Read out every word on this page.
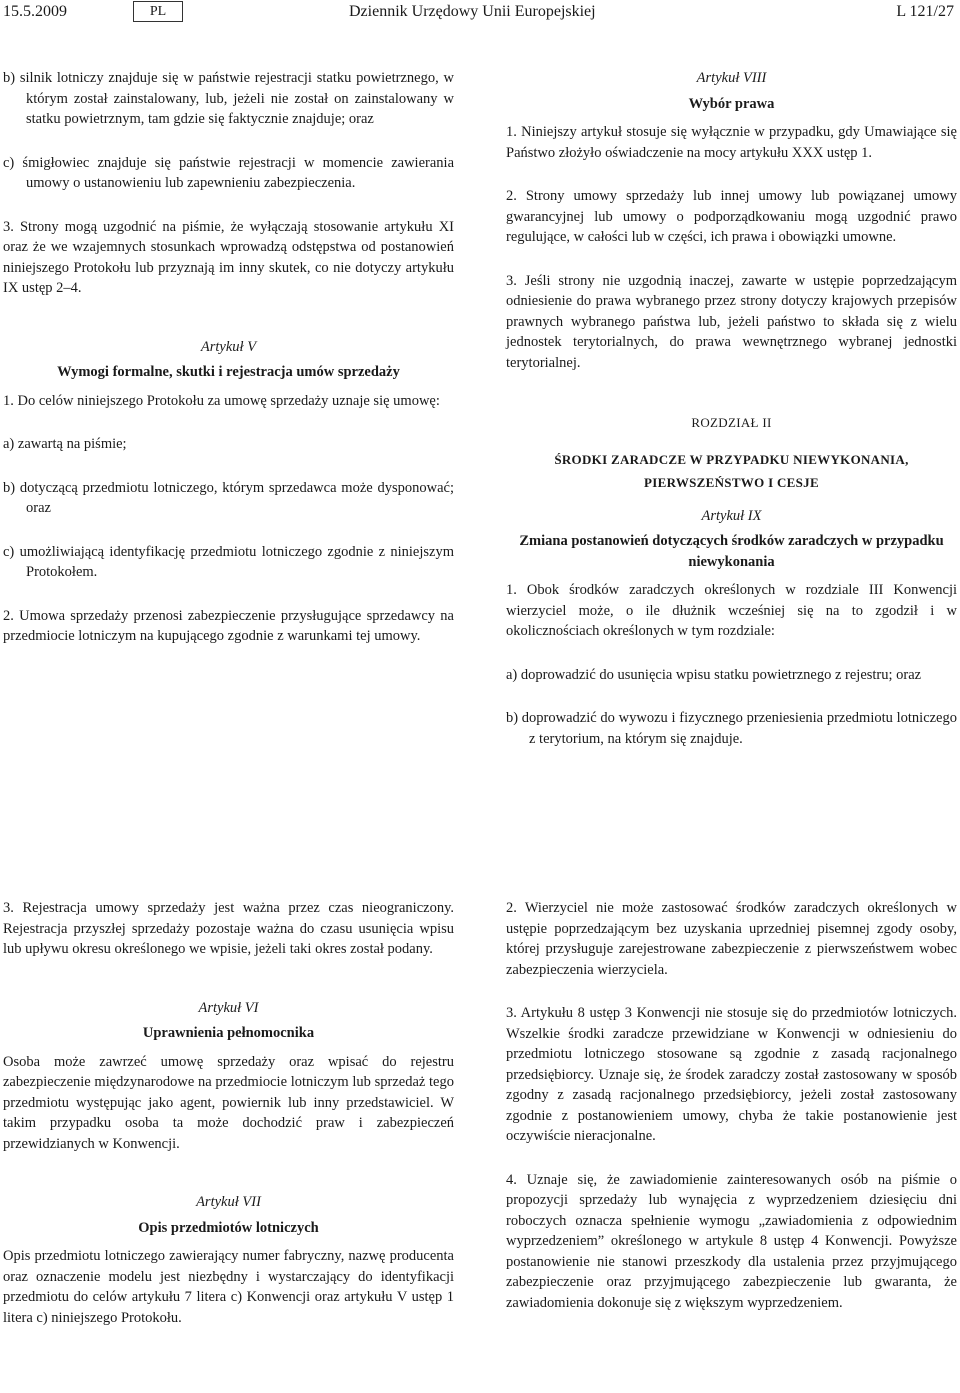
15.5.2009	PL	Dziennik Urzędowy Unii Europejskiej	L 121/27

b) silnik lotniczy znajduje się w państwie rejestracji statku powietrznego, w którym został zainstalowany, lub, jeżeli nie został on zainstalowany w statku powietrznym, tam gdzie się faktycznie znajduje; oraz

c) śmigłowiec znajduje się państwie rejestracji w momencie zawierania umowy o ustanowieniu lub zapewnieniu zabezpieczenia.

3. Strony mogą uzgodnić na piśmie, że wyłączają stosowanie artykułu XI oraz że we wzajemnych stosunkach wprowadzą odstępstwa od postanowień niniejszego Protokołu lub przyznają im inny skutek, co nie dotyczy artykułu IX ustęp 2–4.

Artykuł V
Wymogi formalne, skutki i rejestracja umów sprzedaży

1. Do celów niniejszego Protokołu za umowę sprzedaży uznaje się umowę:

a) zawartą na piśmie;

b) dotyczącą przedmiotu lotniczego, którym sprzedawca może dysponować; oraz

c) umożliwiającą identyfikację przedmiotu lotniczego zgodnie z niniejszym Protokołem.

2. Umowa sprzedaży przenosi zabezpieczenie przysługujące sprzedawcy na przedmiocie lotniczym na kupującego zgodnie z warunkami tej umowy.

Artykuł VIII
Wybór prawa

1. Niniejszy artykuł stosuje się wyłącznie w przypadku, gdy Umawiające się Państwo złożyło oświadczenie na mocy artykułu XXX ustęp 1.

2. Strony umowy sprzedaży lub innej umowy lub powiązanej umowy gwarancyjnej lub umowy o podporządkowaniu mogą uzgodnić prawo regulujące, w całości lub w części, ich prawa i obowiązki umowne.

3. Jeśli strony nie uzgodnią inaczej, zawarte w ustępie poprzedzającym odniesienie do prawa wybranego przez strony dotyczy krajowych przepisów prawnych wybranego państwa lub, jeżeli państwo to składa się z wielu jednostek terytorialnych, do prawa wewnętrznego wybranej jednostki terytorialnej.

ROZDZIAŁ II
ŚRODKI ZARADCZE W PRZYPADKU NIEWYKONANIA,
PIERWSZEŃSTWO I CESJE
Artykuł IX
Zmiana postanowień dotyczących środków zaradczych w przypadku niewykonania

1. Obok środków zaradczych określonych w rozdziale III Konwencji wierzyciel może, o ile dłużnik wcześniej się na to zgodził i w okolicznościach określonych w tym rozdziale:

a) doprowadzić do usunięcia wpisu statku powietrznego z rejestru; oraz

b) doprowadzić do wywozu i fizycznego przeniesienia przedmiotu lotniczego z terytorium, na którym się znajduje.

3. Rejestracja umowy sprzedaży jest ważna przez czas nieograniczony. Rejestracja przyszłej sprzedaży pozostaje ważna do czasu usunięcia wpisu lub upływu okresu określonego we wpisie, jeżeli taki okres został podany.

Artykuł VI
Uprawnienia pełnomocnika

Osoba może zawrzeć umowę sprzedaży oraz wpisać do rejestru zabezpieczenie międzynarodowe na przedmiocie lotniczym lub sprzedaż tego przedmiotu występując jako agent, powiernik lub inny przedstawiciel. W takim przypadku osoba ta może dochodzić praw i zabezpieczeń przewidzianych w Konwencji.

Artykuł VII
Opis przedmiotów lotniczych

Opis przedmiotu lotniczego zawierający numer fabryczny, nazwę producenta oraz oznaczenie modelu jest niezbędny i wystarczający do identyfikacji przedmiotu do celów artykułu 7 litera c) Konwencji oraz artykułu V ustęp 1 litera c) niniejszego Protokołu.

2. Wierzyciel nie może zastosować środków zaradczych określonych w ustępie poprzedzającym bez uzyskania uprzedniej pisemnej zgody osoby, której przysługuje zarejestrowane zabezpieczenie z pierwszeństwem wobec zabezpieczenia wierzyciela.

3. Artykułu 8 ustęp 3 Konwencji nie stosuje się do przedmiotów lotniczych. Wszelkie środki zaradcze przewidziane w Konwencji w odniesieniu do przedmiotu lotniczego stosowane są zgodnie z zasadą racjonalnego przedsiębiorcy. Uznaje się, że środek zaradczy został zastosowany w sposób zgodny z zasadą racjonalnego przedsiębiorcy, jeżeli został zastosowany zgodnie z postanowieniem umowy, chyba że takie postanowienie jest oczywiście nieracjonalne.

4. Uznaje się, że zawiadomienie zainteresowanych osób na piśmie o propozycji sprzedaży lub wynajęcia z wyprzedzeniem dziesięciu dni roboczych oznacza spełnienie wymogu „zawiadomienia z odpowiednim wyprzedzeniem” określonego w artykule 8 ustęp 4 Konwencji. Powyższe postanowienie nie stanowi przeszkody dla ustalenia przez przyjmującego zabezpieczenie oraz przyjmującego zabezpieczenie lub gwaranta, że zawiadomienia dokonuje się z większym wyprzedzeniem.
